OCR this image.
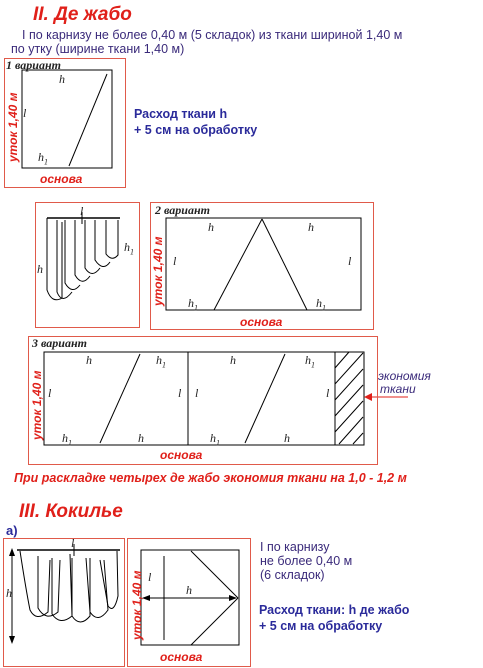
II. Де жабо
I по карнизу не более 0,40 м (5 складок) из ткани шириной 1,40 м
по утку (ширине ткани 1,40 м)
1 вариант
h
l
$h_1$
уток 1,40 м
основа
Расход ткани h
+ 5 см на обработку
l
h
$h_1$
2 вариант
h	h
l	l
$h_1$	$h_1$
уток 1,40 м
основа
3 вариант
h	$h_1$	h	$h_1$
l	l l	l
$h_1$	h	$h_1$	h
уток 1,40 м
основа
экономия
ткани
При раскладке четырех де жабо экономия ткани на 1,0 - 1,2 м
III. Кокилье
а)
l
h
l
h
уток 1,40 м
основа
I по карнизу
не более 0,40 м
(6 складок)
Расход ткани: h де жабо
+ 5 см на обработку
